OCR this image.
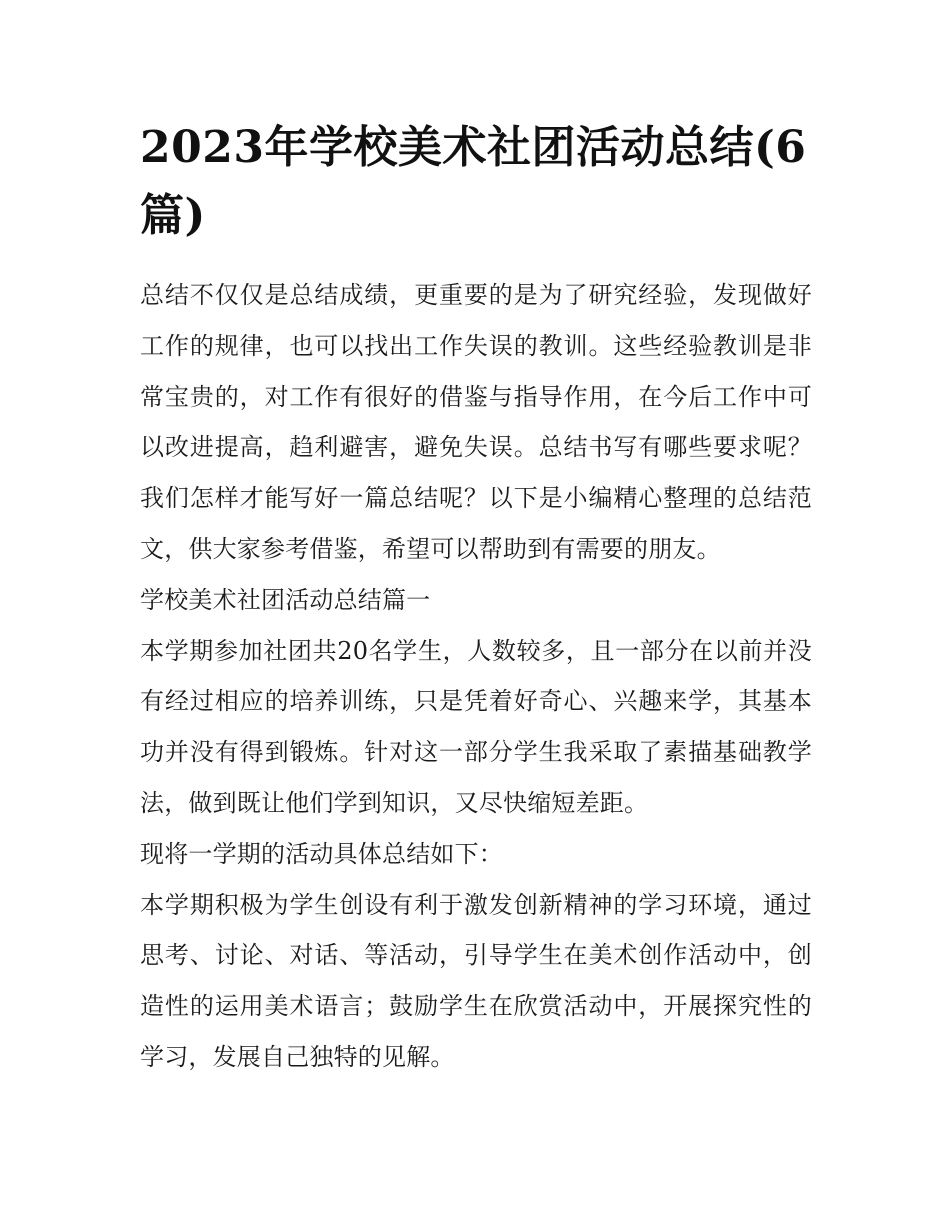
2023年学校美术社团活动总结(6篇)

总结不仅仅是总结成绩，更重要的是为了研究经验，发现做好工作的规律，也可以找出工作失误的教训。这些经验教训是非常宝贵的，对工作有很好的借鉴与指导作用，在今后工作中可以改进提高，趋利避害，避免失误。总结书写有哪些要求呢？我们怎样才能写好一篇总结呢？以下是小编精心整理的总结范文，供大家参考借鉴，希望可以帮助到有需要的朋友。

学校美术社团活动总结篇一

本学期参加社团共20名学生，人数较多，且一部分在以前并没有经过相应的培养训练，只是凭着好奇心、兴趣来学，其基本功并没有得到锻炼。针对这一部分学生我采取了素描基础教学法，做到既让他们学到知识，又尽快缩短差距。

现将一学期的活动具体总结如下：

本学期积极为学生创设有利于激发创新精神的学习环境，通过思考、讨论、对话、等活动，引导学生在美术创作活动中，创造性的运用美术语言；鼓励学生在欣赏活动中，开展探究性的学习，发展自己独特的见解。
